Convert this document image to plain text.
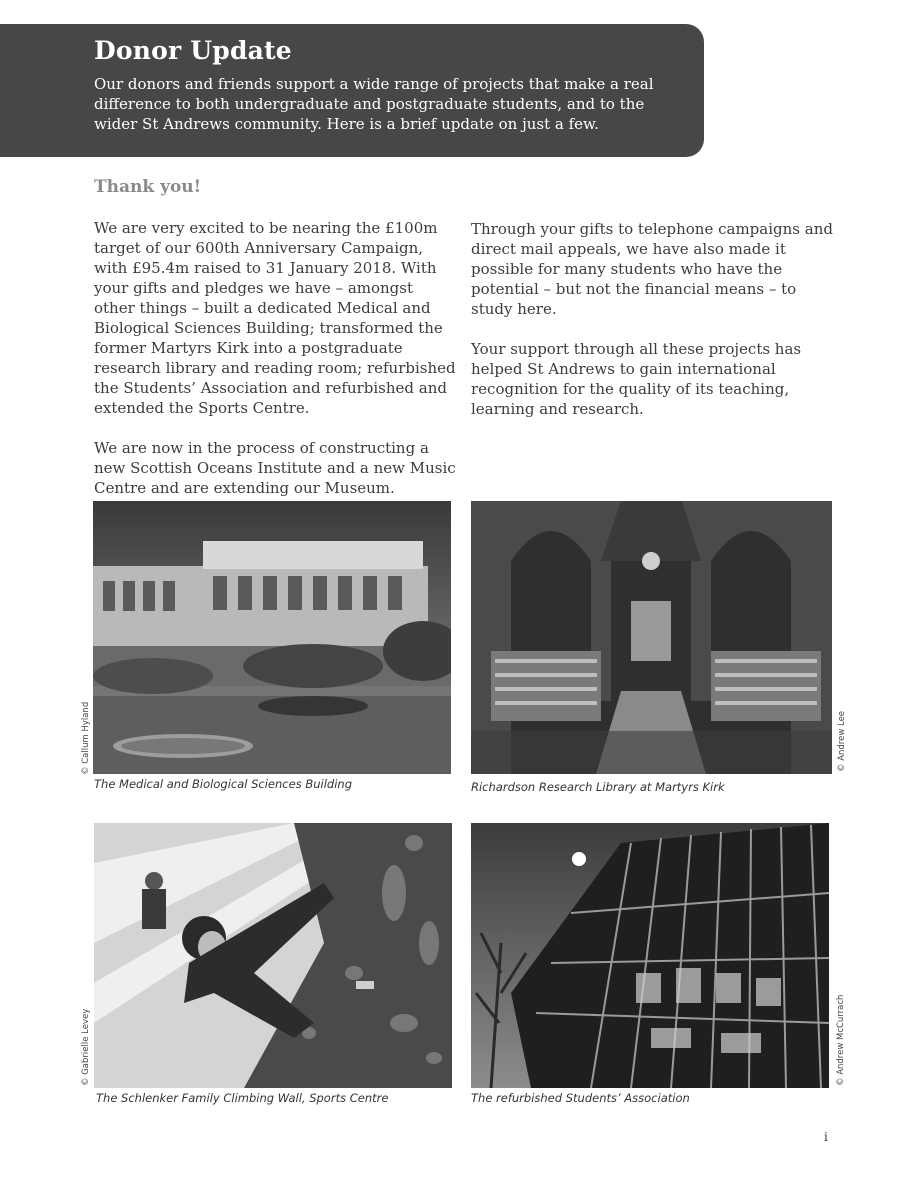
Donor Update

Our donors and friends support a wide range of projects that make a real difference to both undergraduate and postgraduate students, and to the wider St Andrews community. Here is a brief update on just a few.

Thank you!

We are very excited to be nearing the £100m target of our 600th Anniversary Campaign, with £95.4m raised to 31 January 2018. With your gifts and pledges we have – amongst other things – built a dedicated Medical and Biological Sciences Building; transformed the former Martyrs Kirk into a postgraduate research library and reading room; refurbished the Students’ Association and refurbished and extended the Sports Centre.

We are now in the process of constructing a new Scottish Oceans Institute and a new Music Centre and are extending our Museum.

Through your gifts to telephone campaigns and direct mail appeals, we have also made it possible for many students who have the potential – but not the financial means – to study here.

Your support through all these projects has helped St Andrews to gain international recognition for the quality of its teaching, learning and research.

© Callum Hyland
The Medical and Biological Sciences Building
© Andrew Lee
Richardson Research Library at Martyrs Kirk
© Gabrielle Levey
The Schlenker Family Climbing Wall, Sports Centre
© Andrew McCurrach
The refurbished Students’ Association
i
